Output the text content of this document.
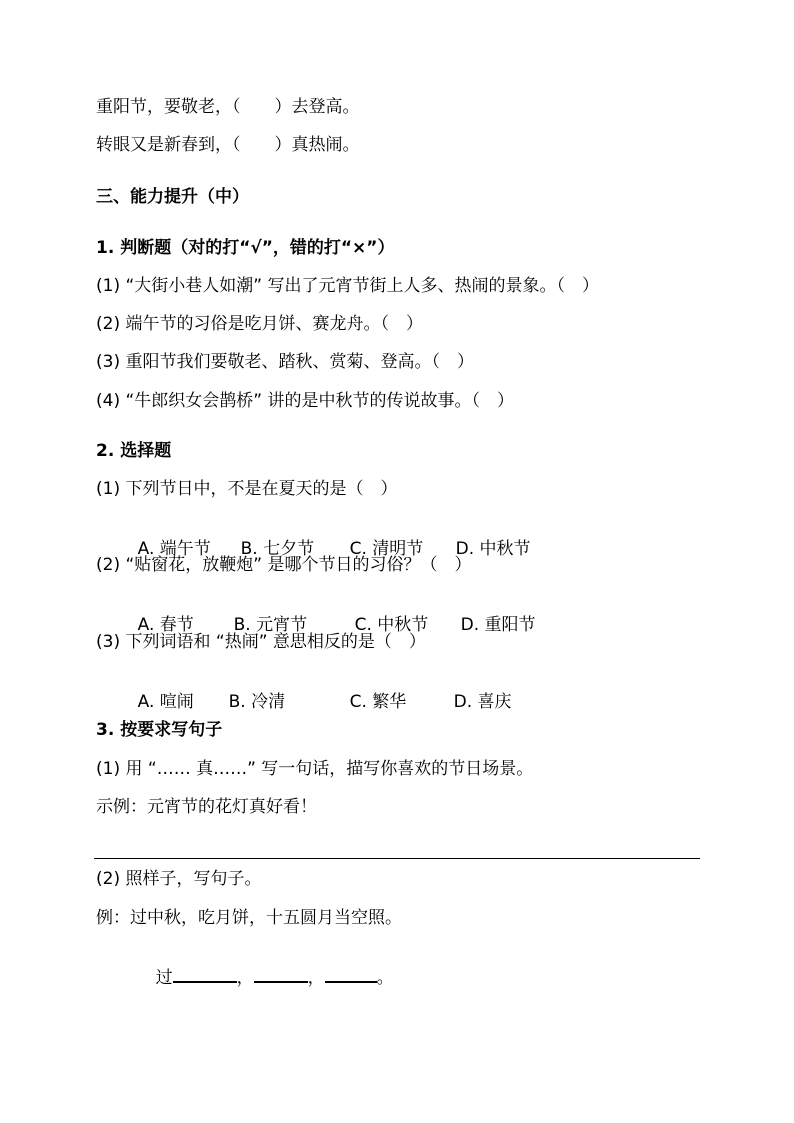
重阳节，要敬老，（　　）去登高。
转眼又是新春到，（　　）真热闹。
三、能力提升（中）
1. 判断题（对的打“√”，错的打“×”）
(1) “大街小巷人如潮” 写出了元宵节街上人多、热闹的景象。（　）
(2) 端午节的习俗是吃月饼、赛龙舟。（　）
(3) 重阳节我们要敬老、踏秋、赏菊、登高。（　）
(4) “牛郎织女会鹊桥” 讲的是中秋节的传说故事。（　）
2. 选择题
(1) 下列节日中，不是在夏天的是（　）

A. 端午节 B. 七夕节 C. 清明节 D. 中秋节

(2) “贴窗花，放鞭炮” 是哪个节日的习俗？（　）

A. 春节 B. 元宵节	C. 中秋节 D. 重阳节

(3) 下列词语和 “热闹” 意思相反的是（　）

A. 喧闹 B. 冷清	C. 繁华	D. 喜庆

3. 按要求写句子
(1) 用 “…… 真……” 写一句话，描写你喜欢的节日场景。
示例：元宵节的花灯真好看！
(2) 照样子，写句子。
例：过中秋，吃月饼，十五圆月当空照。

过	，	，	。
